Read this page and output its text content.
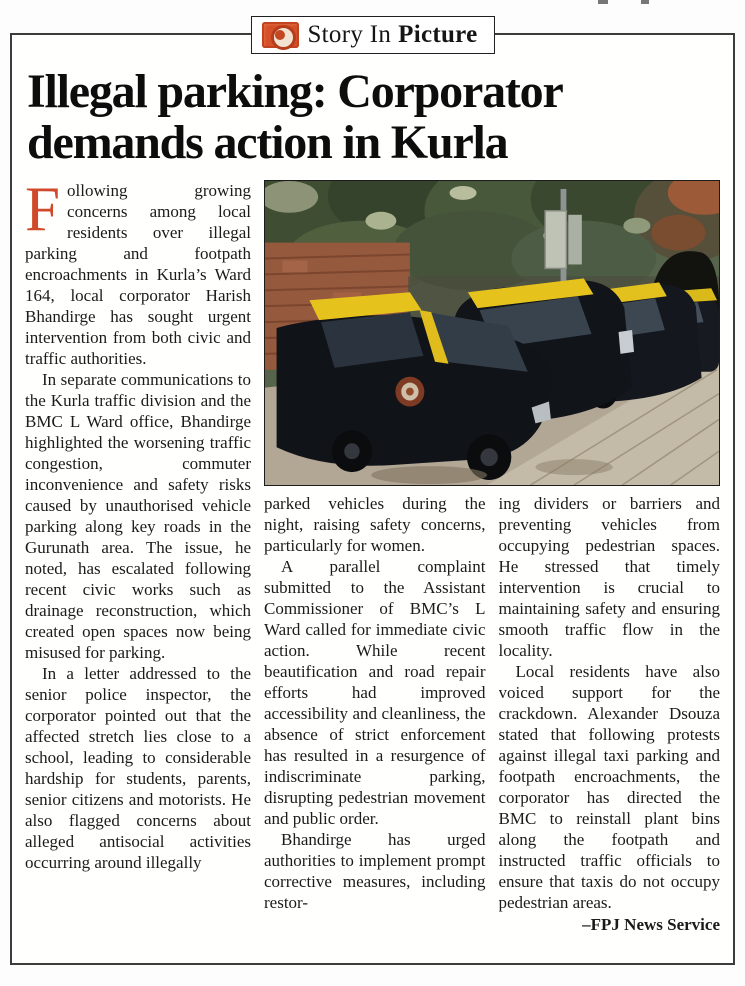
Story In Picture
Illegal parking: Corporator
demands action in Kurla

Following growing concerns among local residents over illegal parking and footpath encroachments in Kurla’s Ward 164, local corporator Harish Bhandirge has sought urgent intervention from both civic and traffic authorities.

In separate communications to the Kurla traffic division and the BMC L Ward office, Bhandirge highlighted the worsening traffic congestion, commuter inconvenience and safety risks caused by unauthorised vehicle parking along key roads in the Gurunath area. The issue, he noted, has escalated following recent civic works such as drainage reconstruction, which created open spaces now being misused for parking.

In a letter addressed to the senior police inspector, the corporator pointed out that the affected stretch lies close to a school, leading to considerable hardship for students, parents, senior citizens and motorists. He also flagged concerns about alleged antisocial activities occurring around illegally

parked vehicles during the night, raising safety concerns, particularly for women.

A parallel complaint submitted to the Assistant Commissioner of BMC’s L Ward called for immediate civic action. While recent beautification and road repair efforts had improved accessibility and cleanliness, the absence of strict enforcement has resulted in a resurgence of indiscriminate parking, disrupting pedestrian movement and public order.

Bhandirge has urged authorities to implement prompt corrective measures, including restor-

ing dividers or barriers and preventing vehicles from occupying pedestrian spaces. He stressed that timely intervention is crucial to maintaining safety and ensuring smooth traffic flow in the locality.

Local residents have also voiced support for the crackdown. Alexander Dsouza stated that following protests against illegal taxi parking and footpath encroachments, the corporator has directed the BMC to reinstall plant bins along the footpath and instructed traffic officials to ensure that taxis do not occupy pedestrian areas.

–FPJ News Service
